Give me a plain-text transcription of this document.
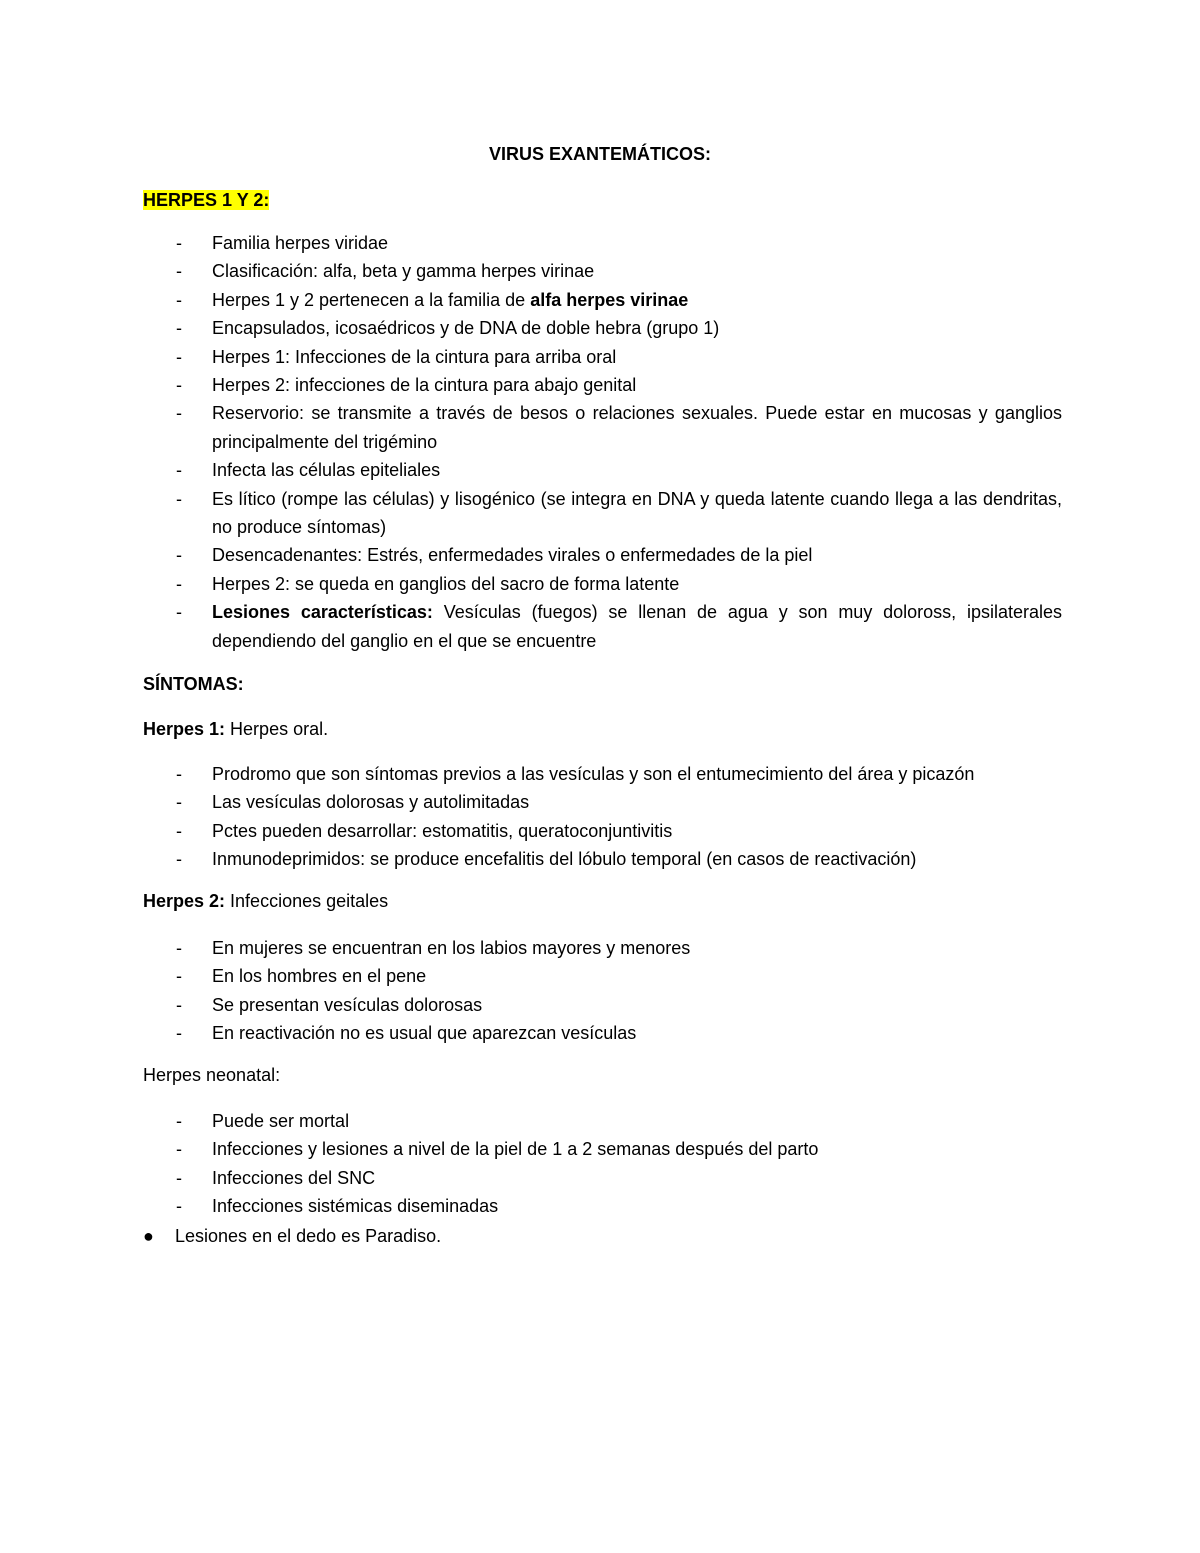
VIRUS EXANTEMÁTICOS:
HERPES 1 Y 2:
- Familia herpes viridae
- Clasificación: alfa, beta y gamma herpes virinae
- Herpes 1 y 2 pertenecen a la familia de alfa herpes virinae
- Encapsulados, icosaédricos y de DNA de doble hebra (grupo 1)
- Herpes 1: Infecciones de la cintura para arriba oral
- Herpes 2: infecciones de la cintura para abajo genital
- Reservorio: se transmite a través de besos o relaciones sexuales. Puede estar en mucosas y ganglios principalmente del trigémino
- Infecta las células epiteliales
- Es lítico (rompe las células) y lisogénico (se integra en DNA y queda latente cuando llega a las dendritas, no produce síntomas)
- Desencadenantes: Estrés, enfermedades virales o enfermedades de la piel
- Herpes 2: se queda en ganglios del sacro de forma latente
- Lesiones características: Vesículas (fuegos) se llenan de agua y son muy doloross, ipsilaterales dependiendo del ganglio en el que se encuentre
SÍNTOMAS:
Herpes 1: Herpes oral.
- Prodromo que son síntomas previos a las vesículas y son el entumecimiento del área y picazón
- Las vesículas dolorosas y autolimitadas
- Pctes pueden desarrollar: estomatitis, queratoconjuntivitis
- Inmunodeprimidos: se produce encefalitis del lóbulo temporal (en casos de reactivación)
Herpes 2: Infecciones geitales
- En mujeres se encuentran en los labios mayores y menores
- En los hombres en el pene
- Se presentan vesículas dolorosas
- En reactivación no es usual que aparezcan vesículas
Herpes neonatal:
- Puede ser mortal
- Infecciones y lesiones a nivel de la piel de 1 a 2 semanas después del parto
- Infecciones del SNC
- Infecciones sistémicas diseminadas
● Lesiones en el dedo es Paradiso.
